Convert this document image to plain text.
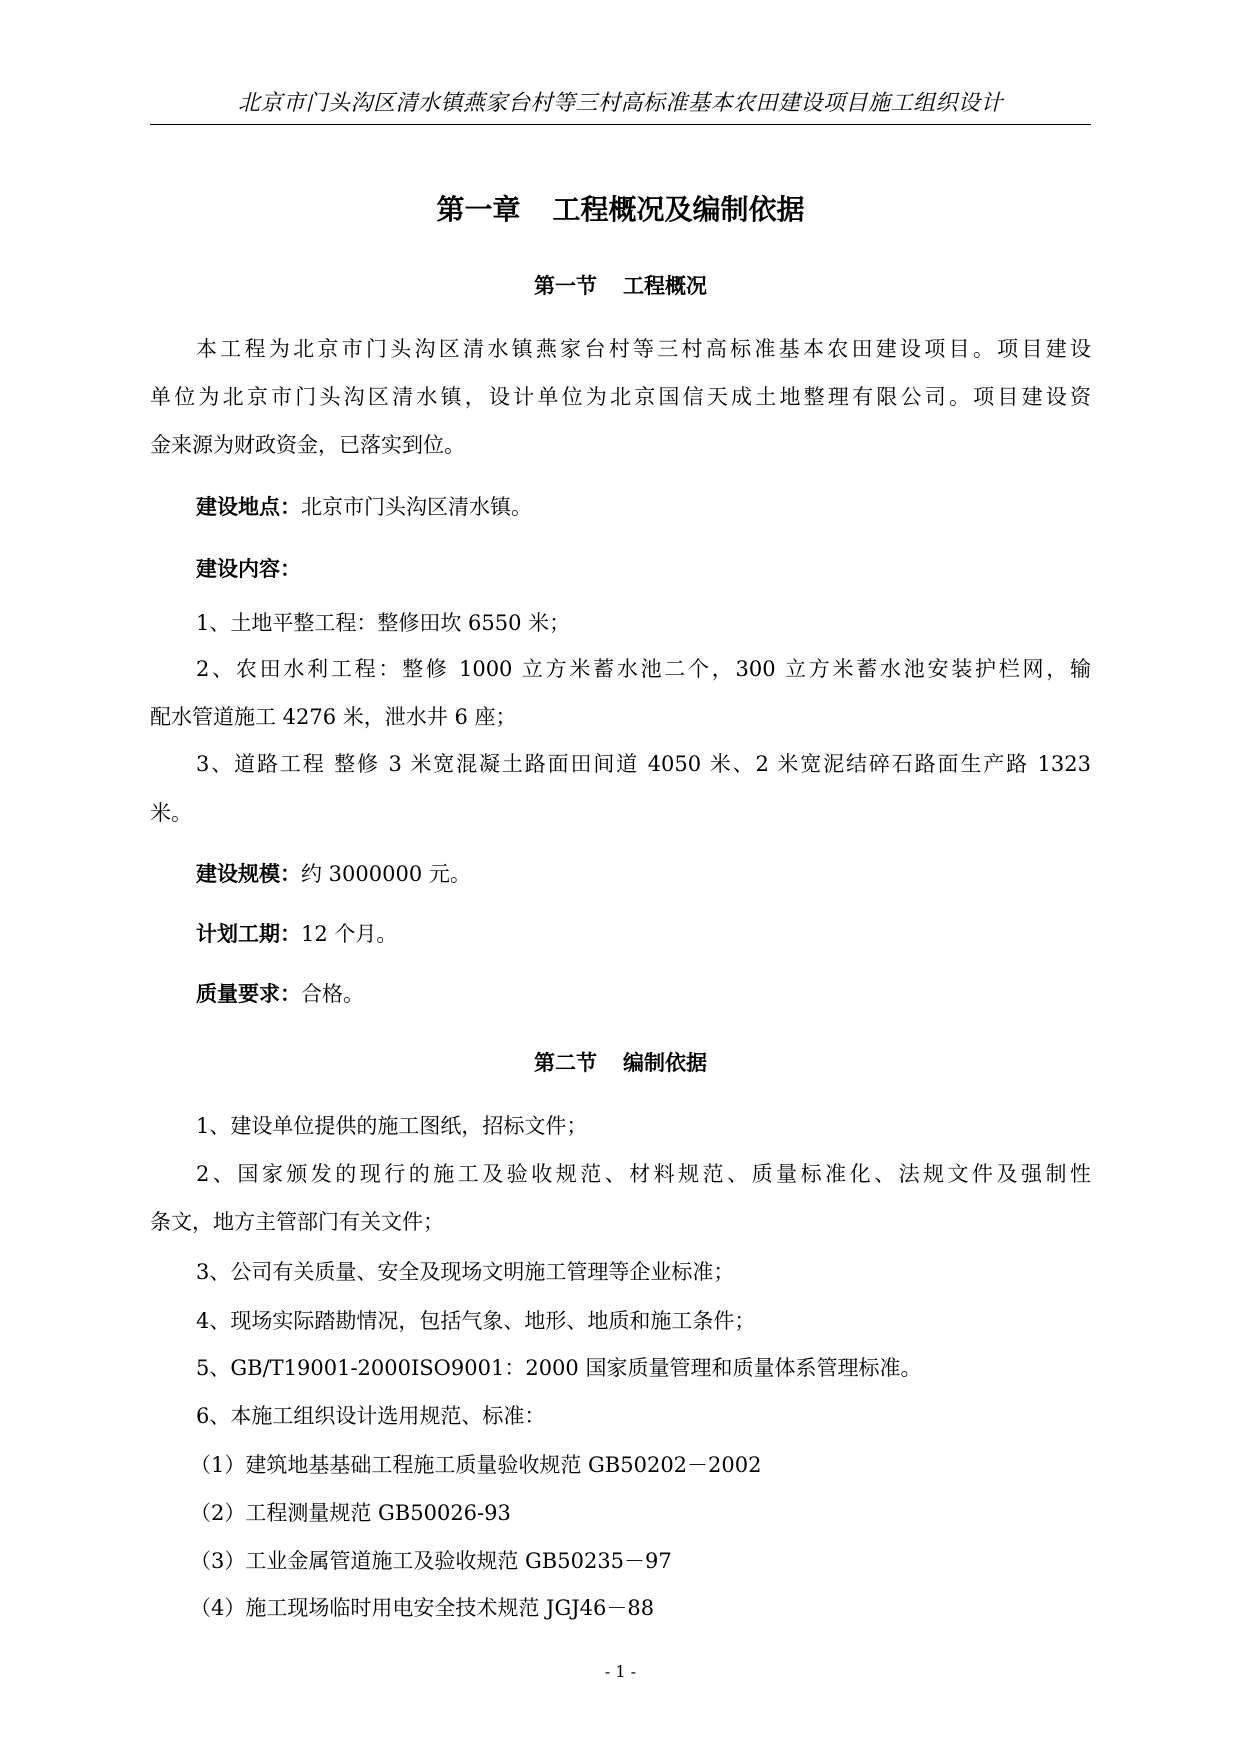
北京市门头沟区清水镇燕家台村等三村高标准基本农田建设项目施工组织设计
第一章 工程概况及编制依据
第一节 工程概况
本工程为北京市门头沟区清水镇燕家台村等三村高标准基本农田建设项目。项目建设
单位为北京市门头沟区清水镇，设计单位为北京国信天成土地整理有限公司。项目建设资
金来源为财政资金，已落实到位。
建设地点：北京市门头沟区清水镇。
建设内容：
1、土地平整工程：整修田坎 6550 米；
2、农田水利工程：整修 1000 立方米蓄水池二个，300 立方米蓄水池安装护栏网，输
配水管道施工 4276 米，泄水井 6 座；
3、道路工程 整修 3 米宽混凝土路面田间道 4050 米、2 米宽泥结碎石路面生产路 1323
米。
建设规模：约 3000000 元。
计划工期：12 个月。
质量要求：合格。
第二节 编制依据
1、建设单位提供的施工图纸，招标文件；
2、国家颁发的现行的施工及验收规范、材料规范、质量标准化、法规文件及强制性
条文，地方主管部门有关文件；
3、公司有关质量、安全及现场文明施工管理等企业标准；
4、现场实际踏勘情况，包括气象、地形、地质和施工条件；
5、GB/T19001-2000ISO9001：2000 国家质量管理和质量体系管理标准。
6、本施工组织设计选用规范、标准：
（1）建筑地基基础工程施工质量验收规范 GB50202－2002
（2）工程测量规范 GB50026-93
（3）工业金属管道施工及验收规范 GB50235－97
（4）施工现场临时用电安全技术规范 JGJ46－88
- 1 -
